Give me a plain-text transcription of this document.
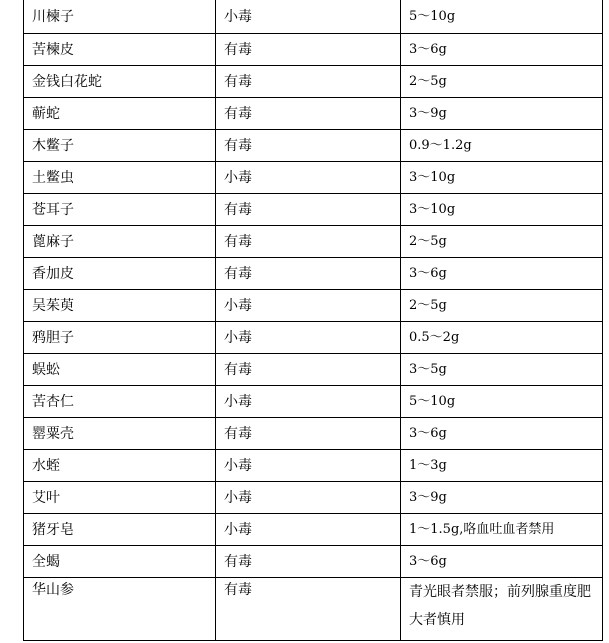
川楝子	小毒	5～10g
苦楝皮	有毒	3～6g
金钱白花蛇	有毒	2～5g
蕲蛇	有毒	3～9g
木鳖子	有毒	0.9～1.2g
土鳖虫	小毒	3～10g
苍耳子	有毒	3～10g
蓖麻子	有毒	2～5g
香加皮	有毒	3～6g
吴茱萸	小毒	2～5g
鸦胆子	小毒	0.5～2g
蜈蚣	有毒	3～5g
苦杏仁	小毒	5～10g
罂粟壳	有毒	3～6g
水蛭	小毒	1～3g
艾叶	小毒	3～9g
猪牙皂	小毒	1～1.5g,咯血吐血者禁用
全蝎	有毒	3～6g
华山参	有毒	青光眼者禁服；前列腺重度肥大者慎用
